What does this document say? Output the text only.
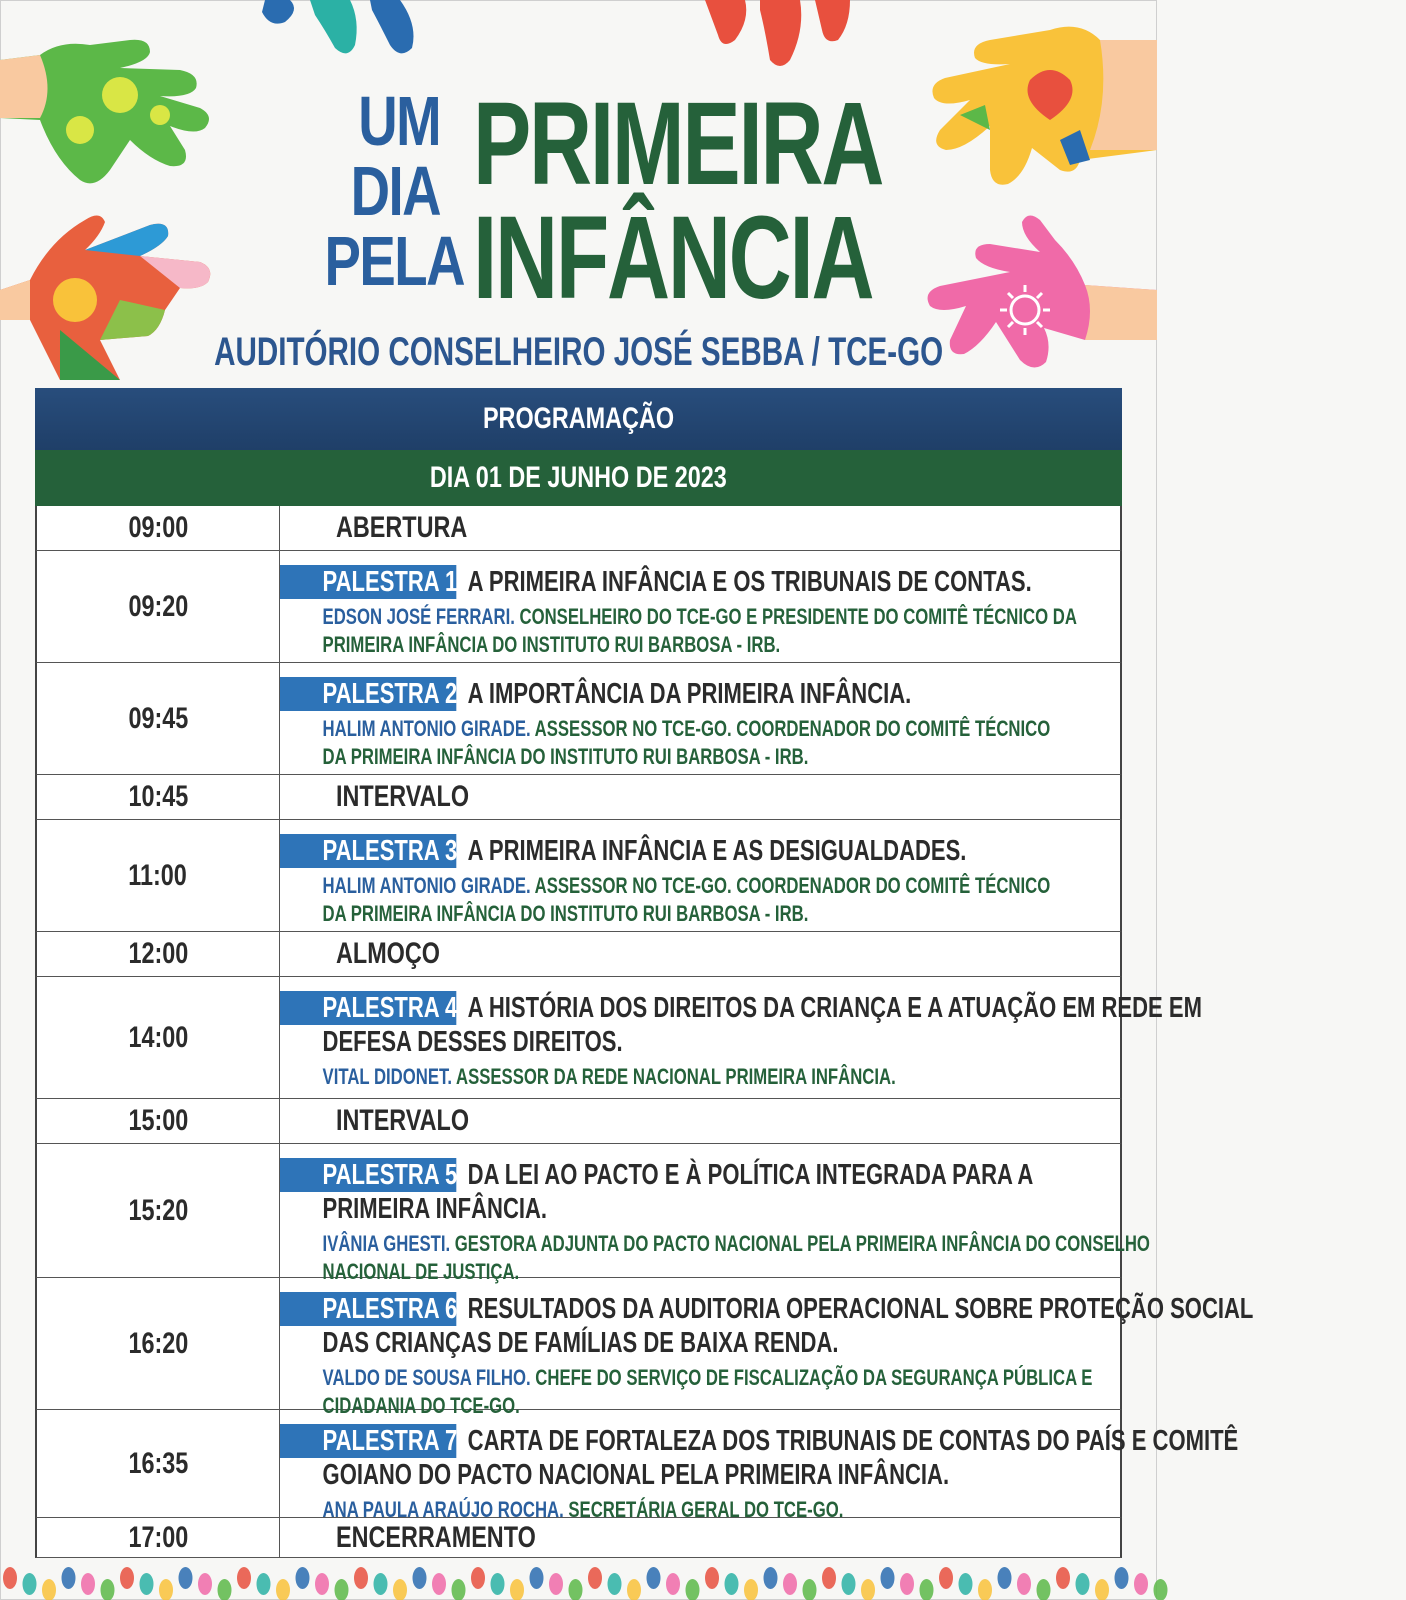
UM
DIA
PELA
PRIMEIRA
INFÂNCIA
AUDITÓRIO CONSELHEIRO JOSÉ SEBBA / TCE-GO
PROGRAMAÇÃO
DIA 01 DE JUNHO DE 2023
09:00	ABERTURA
09:20
PALESTRA 1: A PRIMEIRA INFÂNCIA E OS TRIBUNAIS DE CONTAS.
EDSON JOSÉ FERRARI. CONSELHEIRO DO TCE-GO E PRESIDENTE DO COMITÊ TÉCNICO DA
PRIMEIRA INFÂNCIA DO INSTITUTO RUI BARBOSA - IRB.
09:45
PALESTRA 2: A IMPORTÂNCIA DA PRIMEIRA INFÂNCIA.
HALIM ANTONIO GIRADE. ASSESSOR NO TCE-GO. COORDENADOR DO COMITÊ TÉCNICO
DA PRIMEIRA INFÂNCIA DO INSTITUTO RUI BARBOSA - IRB.
10:45	INTERVALO
11:00
PALESTRA 3: A PRIMEIRA INFÂNCIA E AS DESIGUALDADES.
HALIM ANTONIO GIRADE. ASSESSOR NO TCE-GO. COORDENADOR DO COMITÊ TÉCNICO
DA PRIMEIRA INFÂNCIA DO INSTITUTO RUI BARBOSA - IRB.
12:00	ALMOÇO
14:00
PALESTRA 4: A HISTÓRIA DOS DIREITOS DA CRIANÇA E A ATUAÇÃO EM REDE EM
DEFESA DESSES DIREITOS.
VITAL DIDONET. ASSESSOR DA REDE NACIONAL PRIMEIRA INFÂNCIA.
15:00	INTERVALO
15:20
PALESTRA 5: DA LEI AO PACTO E À POLÍTICA INTEGRADA PARA A
PRIMEIRA INFÂNCIA.
IVÂNIA GHESTI. GESTORA ADJUNTA DO PACTO NACIONAL PELA PRIMEIRA INFÂNCIA DO CONSELHO
NACIONAL DE JUSTIÇA.
16:20
PALESTRA 6: RESULTADOS DA AUDITORIA OPERACIONAL SOBRE PROTEÇÃO SOCIAL
DAS CRIANÇAS DE FAMÍLIAS DE BAIXA RENDA.
VALDO DE SOUSA FILHO. CHEFE DO SERVIÇO DE FISCALIZAÇÃO DA SEGURANÇA PÚBLICA E
CIDADANIA DO TCE-GO.
16:35
PALESTRA 7: CARTA DE FORTALEZA DOS TRIBUNAIS DE CONTAS DO PAÍS E COMITÊ
GOIANO DO PACTO NACIONAL PELA PRIMEIRA INFÂNCIA.
ANA PAULA ARAÚJO ROCHA. SECRETÁRIA GERAL DO TCE-GO.
17:00	ENCERRAMENTO
